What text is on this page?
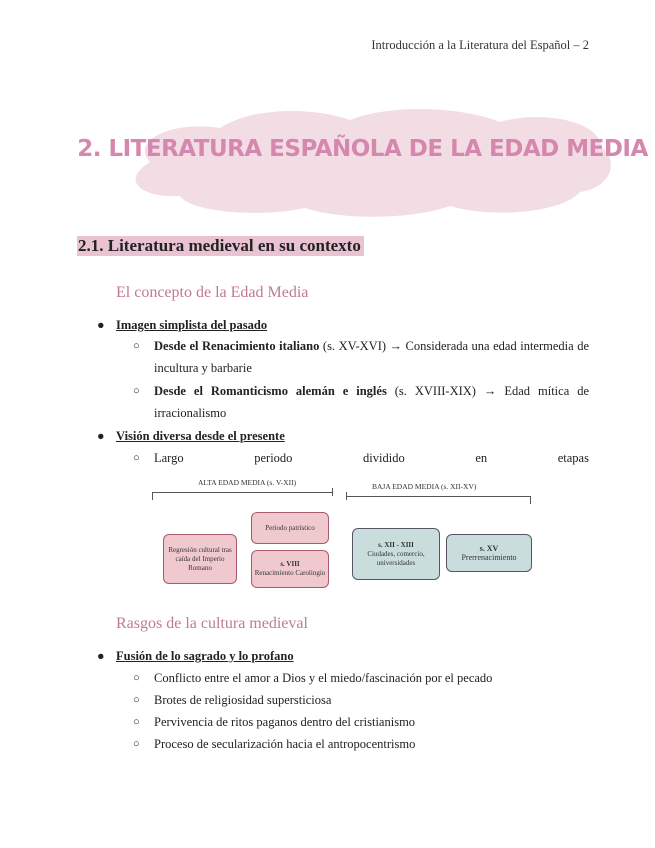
Introducción a la Literatura del Español – 2
2. LITERATURA ESPAÑOLA DE LA EDAD MEDIA
2.1. Literatura medieval en su contexto
El concepto de la Edad Media
● Imagen simplista del pasado
○ Desde el Renacimiento italiano (s. XV-XVI) → Considerada una edad intermedia de incultura y barbarie
○ Desde el Romanticismo alemán e inglés (s. XVIII-XIX) → Edad mítica de irracionalismo
● Visión diversa desde el presente
○ Largo	periodo	dividido	en	etapas
ALTA EDAD MEDIA (s. V-XII)	BAJA EDAD MEDIA (s. XII-XV)
Regresión cultural tras caída del Imperio Romano
Periodo patrístico
s. VIII
Renacimiento Carolingio
s. XII - XIII
Ciudades, comercio, universidades
s. XV
Prerrenacimiento
Rasgos de la cultura medieval
● Fusión de lo sagrado y lo profano
○ Conflicto entre el amor a Dios y el miedo/fascinación por el pecado
○ Brotes de religiosidad supersticiosa
○ Pervivencia de ritos paganos dentro del cristianismo
○ Proceso de secularización hacia el antropocentrismo
